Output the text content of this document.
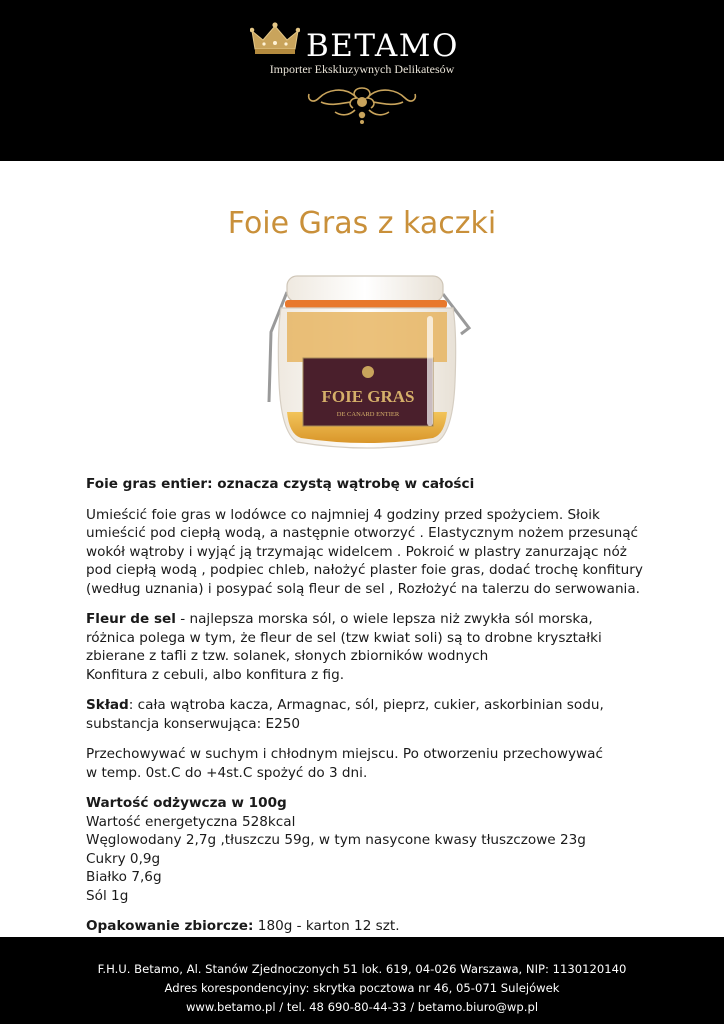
BETAMO
Importer Ekskluzywnych Delikatesów
Foie Gras z kaczki
FOIE GRAS
DE CANARD ENTIER

Foie gras entier: oznacza czystą wątrobę w całości

Umieścić foie gras w lodówce co najmniej 4 godziny przed spożyciem. Słoik
umieścić pod ciepłą wodą, a następnie otworzyć . Elastycznym nożem przesunąć
wokół wątroby i wyjąć ją trzymając widelcem . Pokroić w plastry zanurzając nóż
pod ciepłą wodą , podpiec chleb, nałożyć plaster foie gras, dodać trochę konfitury
(według uznania) i posypać solą fleur de sel , Rozłożyć na talerzu do serwowania.

Fleur de sel - najlepsza morska sól, o wiele lepsza niż zwykła sól morska,
różnica polega w tym, że fleur de sel (tzw kwiat soli) są to drobne kryształki
zbierane z tafli z tzw. solanek, słonych zbiorników wodnych
Konfitura z cebuli, albo konfitura z fig.

Skład: cała wątroba kacza, Armagnac, sól, pieprz, cukier, askorbinian sodu,
substancja konserwująca: E250

Przechowywać w suchym i chłodnym miejscu. Po otworzeniu przechowywać
w temp. 0st.C do +4st.C spożyć do 3 dni.

Wartość odżywcza w 100g
Wartość energetyczna 528kcal
Węglowodany 2,7g ,tłuszczu 59g, w tym nasycone kwasy tłuszczowe 23g
Cukry 0,9g
Białko 7,6g
Sól 1g

Opakowanie zbiorcze: 180g - karton 12 szt.

F.H.U. Betamo, Al. Stanów Zjednoczonych 51 lok. 619, 04-026 Warszawa, NIP: 1130120140
Adres korespondencyjny: skrytka pocztowa nr 46, 05-071 Sulejówek
www.betamo.pl / tel. 48 690-80-44-33 / betamo.biuro@wp.pl
